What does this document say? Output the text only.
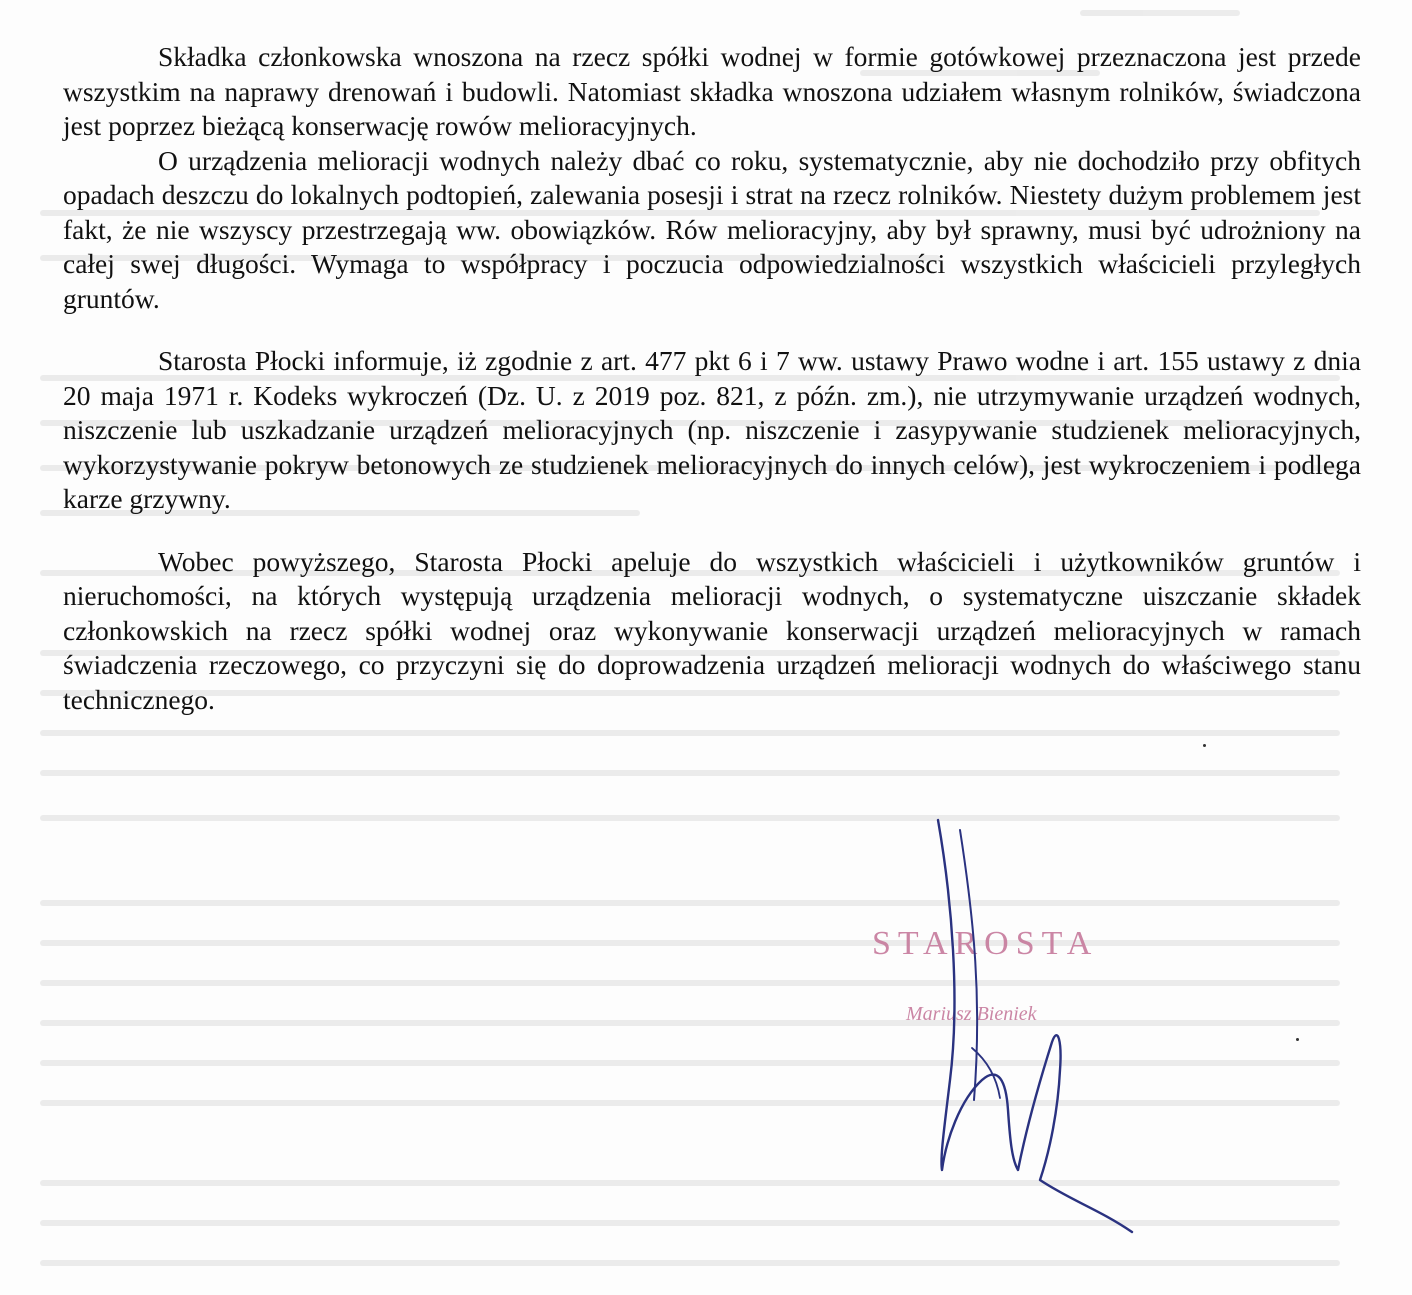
Składka członkowska wnoszona na rzecz spółki wodnej w formie gotówkowej przeznaczona jest przede wszystkim na naprawy drenowań i budowli. Natomiast składka wnoszona udziałem własnym rolników, świadczona jest poprzez bieżącą konserwację rowów melioracyjnych.

O urządzenia melioracji wodnych należy dbać co roku, systematycznie, aby nie dochodziło przy obfitych opadach deszczu do lokalnych podtopień, zalewania posesji i strat na rzecz rolników. Niestety dużym problemem jest fakt, że nie wszyscy przestrzegają ww. obowiązków. Rów melioracyjny, aby był sprawny, musi być udrożniony na całej swej długości. Wymaga to współpracy i poczucia odpowiedzialności wszystkich właścicieli przyległych gruntów.

Starosta Płocki informuje, iż zgodnie z art. 477 pkt 6 i 7 ww. ustawy Prawo wodne i art. 155 ustawy z dnia 20 maja 1971 r. Kodeks wykroczeń (Dz. U. z 2019 poz. 821, z późn. zm.), nie utrzymywanie urządzeń wodnych, niszczenie lub uszkadzanie urządzeń melioracyjnych (np. niszczenie i zasypywanie studzienek melioracyjnych, wykorzystywanie pokryw betonowych ze studzienek melioracyjnych do innych celów), jest wykroczeniem i podlega karze grzywny.

Wobec powyższego, Starosta Płocki apeluje do wszystkich właścicieli i użytkowników gruntów i nieruchomości, na których występują urządzenia melioracji wodnych, o systematyczne uiszczanie składek członkowskich na rzecz spółki wodnej oraz wykonywanie konserwacji urządzeń melioracyjnych w ramach świadczenia rzeczowego, co przyczyni się do doprowadzenia urządzeń melioracji wodnych do właściwego stanu technicznego.

STAROSTA
Mariusz Bieniek
